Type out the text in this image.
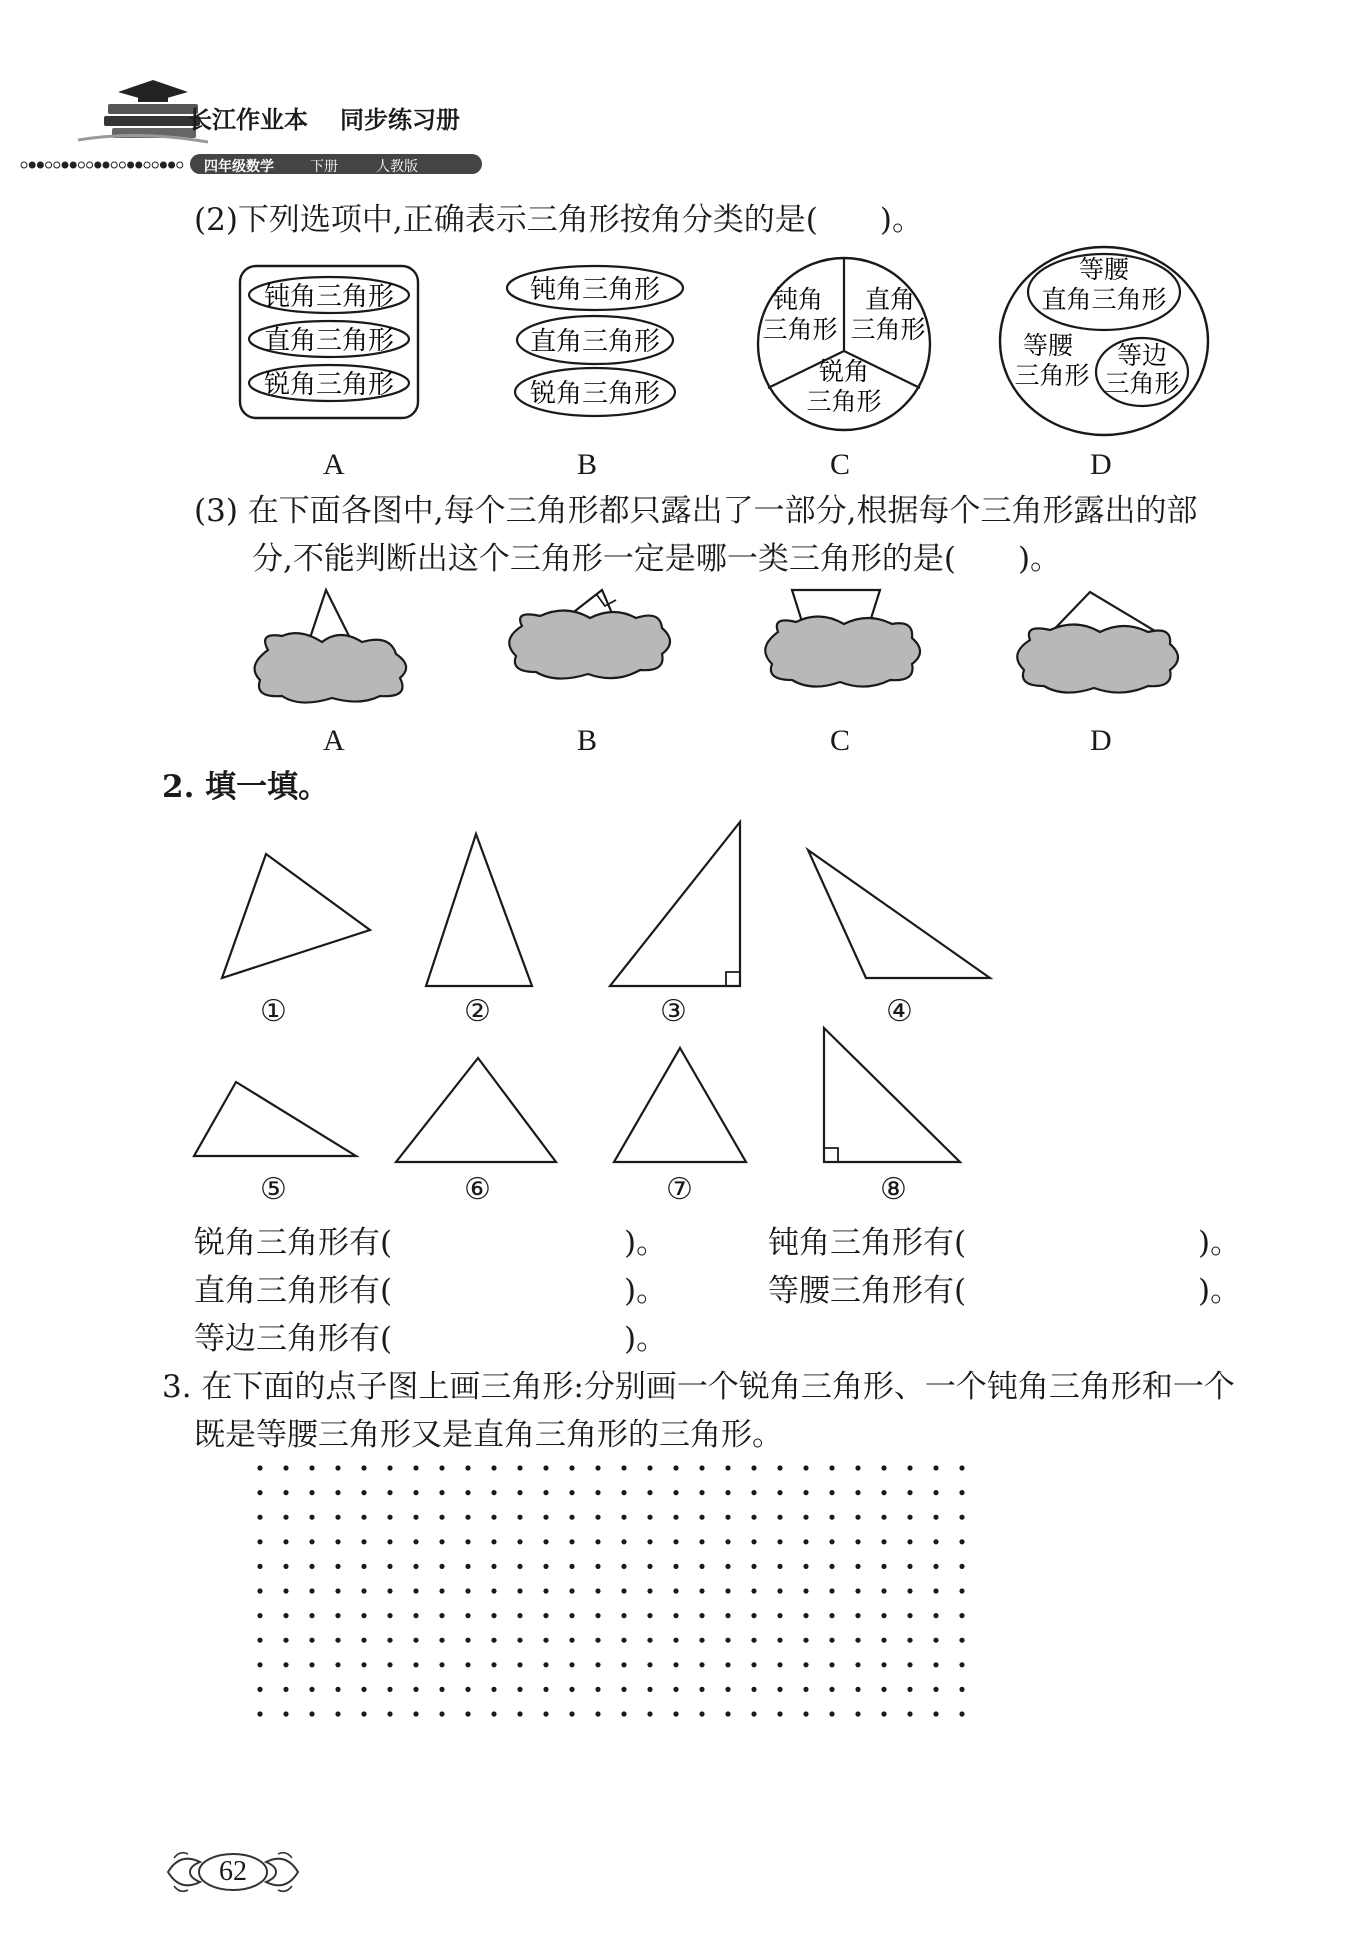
长江作业本 同步练习册
四年级数学	下册	人教版
(2)下列选项中,正确表示三角形按角分类的是(　　)。
钝角三角形
直角三角形
锐角三角形
钝角三角形
直角三角形
锐角三角形
钝角
三角形
直角
三角形
锐角
三角形
等腰
直角三角形
等腰
三角形
等边
三角形
A	B	C	D
(3) 在下面各图中,每个三角形都只露出了一部分,根据每个三角形露出的部
分,不能判断出这个三角形一定是哪一类三角形的是(　　)。
A	B	C	D
2. 填一填。
①	②	③	④
⑤	⑥	⑦	⑧
锐角三角形有(	)。	钝角三角形有(	)。
直角三角形有(	)。	等腰三角形有(	)。
等边三角形有(	)。
3. 在下面的点子图上画三角形:分别画一个锐角三角形、一个钝角三角形和一个
既是等腰三角形又是直角三角形的三角形。
62
